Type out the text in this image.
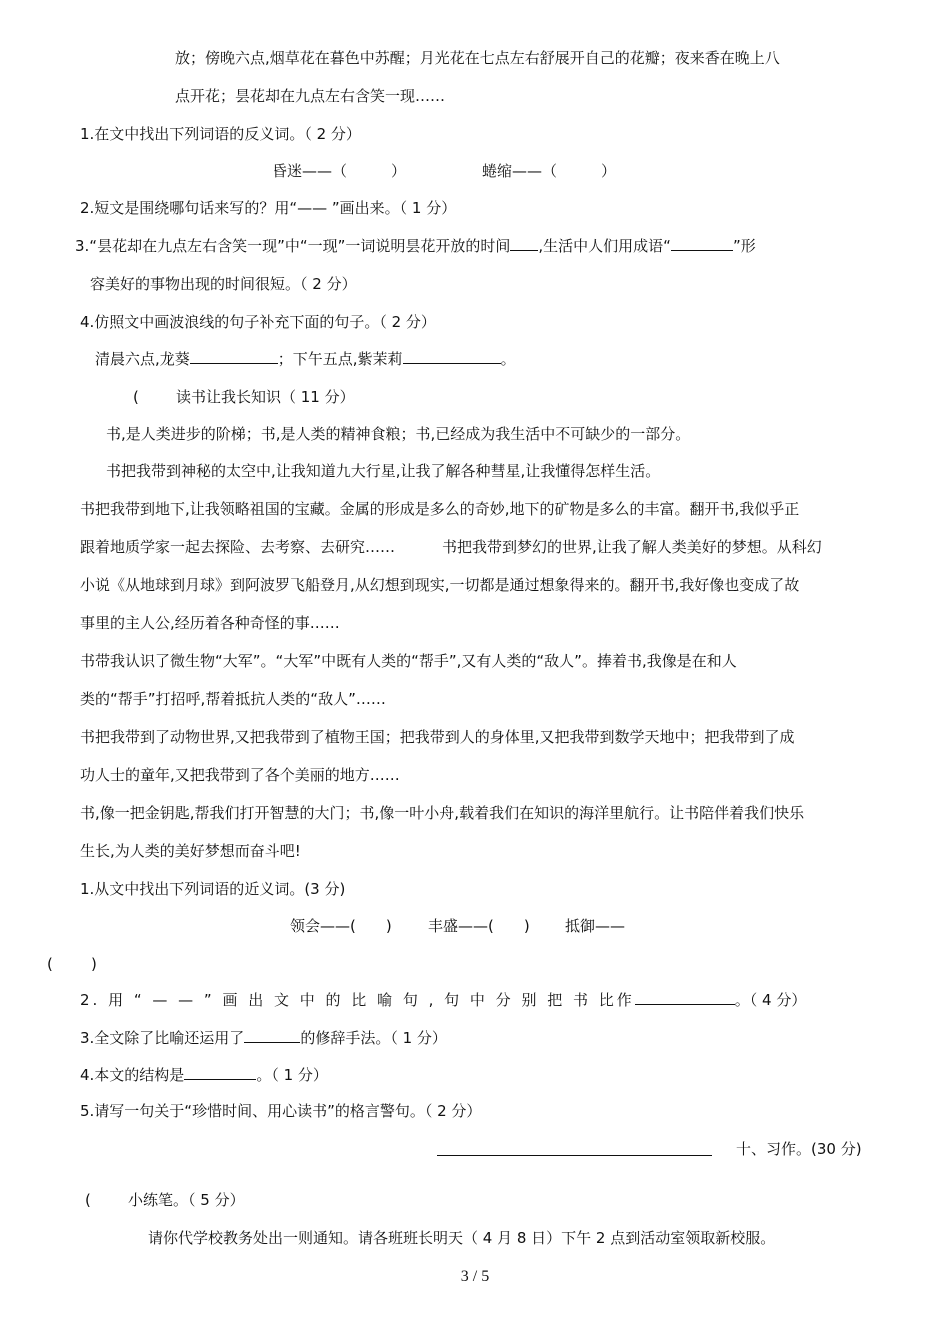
放；傍晚六点,烟草花在暮色中苏醒；月光花在七点左右舒展开自己的花瓣；夜来香在晚上八
点开花；昙花却在九点左右含笑一现……
1.在文中找出下列词语的反义词。（ 2 分）
昏迷——（	）	蜷缩——（	）
2.短文是围绕哪句话来写的？用“—— ”画出来。（ 1 分）
3.“昙花却在九点左右含笑一现”中“一现”一词说明昙花开放的时间 ,生活中人们用成语“	”形
容美好的事物出现的时间很短。（ 2 分）
4.仿照文中画波浪线的句子补充下面的句子。（ 2 分）
清晨六点,龙葵	；下午五点,紫茉莉	。
( 读书让我长知识（ 11 分）
书,是人类进步的阶梯；书,是人类的精神食粮；书,已经成为我生活中不可缺少的一部分。
书把我带到神秘的太空中,让我知道九大行星,让我了解各种彗星,让我懂得怎样生活。
书把我带到地下,让我领略祖国的宝藏。金属的形成是多么的奇妙,地下的矿物是多么的丰富。翻开书,我似乎正
跟着地质学家一起去探险、去考察、去研究……	书把我带到梦幻的世界,让我了解人类美好的梦想。从科幻
小说《从地球到月球》到阿波罗飞船登月,从幻想到现实,一切都是通过想象得来的。翻开书,我好像也变成了故
事里的主人公,经历着各种奇怪的事……
书带我认识了微生物“大军”。“大军”中既有人类的“帮手”,又有人类的“敌人”。捧着书,我像是在和人
类的“帮手”打招呼,帮着抵抗人类的“敌人”……
书把我带到了动物世界,又把我带到了植物王国；把我带到人的身体里,又把我带到数学天地中；把我带到了成
功人士的童年,又把我带到了各个美丽的地方……
书,像一把金钥匙,帮我们打开智慧的大门；书,像一叶小舟,载着我们在知识的海洋里航行。让书陪伴着我们快乐
生长,为人类的美好梦想而奋斗吧!
1.从文中找出下列词语的近义词。(3 分)
领会——( ) 丰盛——( ) 抵御——
(        )
2. 用 “ — — ” 画 出 文 中 的 比 喻 句 , 句 中 分 别 把 书 比作	。（ 4 分）
3.全文除了比喻还运用了	的修辞手法。（ 1 分）
4.本文的结构是	。（ 1 分）
5.请写一句关于“珍惜时间、用心读书”的格言警句。（ 2 分）
十、习作。(30 分)
( 小练笔。（ 5 分）
请你代学校教务处出一则通知。请各班班长明天（ 4 月 8 日）下午 2 点到活动室领取新校服。
3 / 5
